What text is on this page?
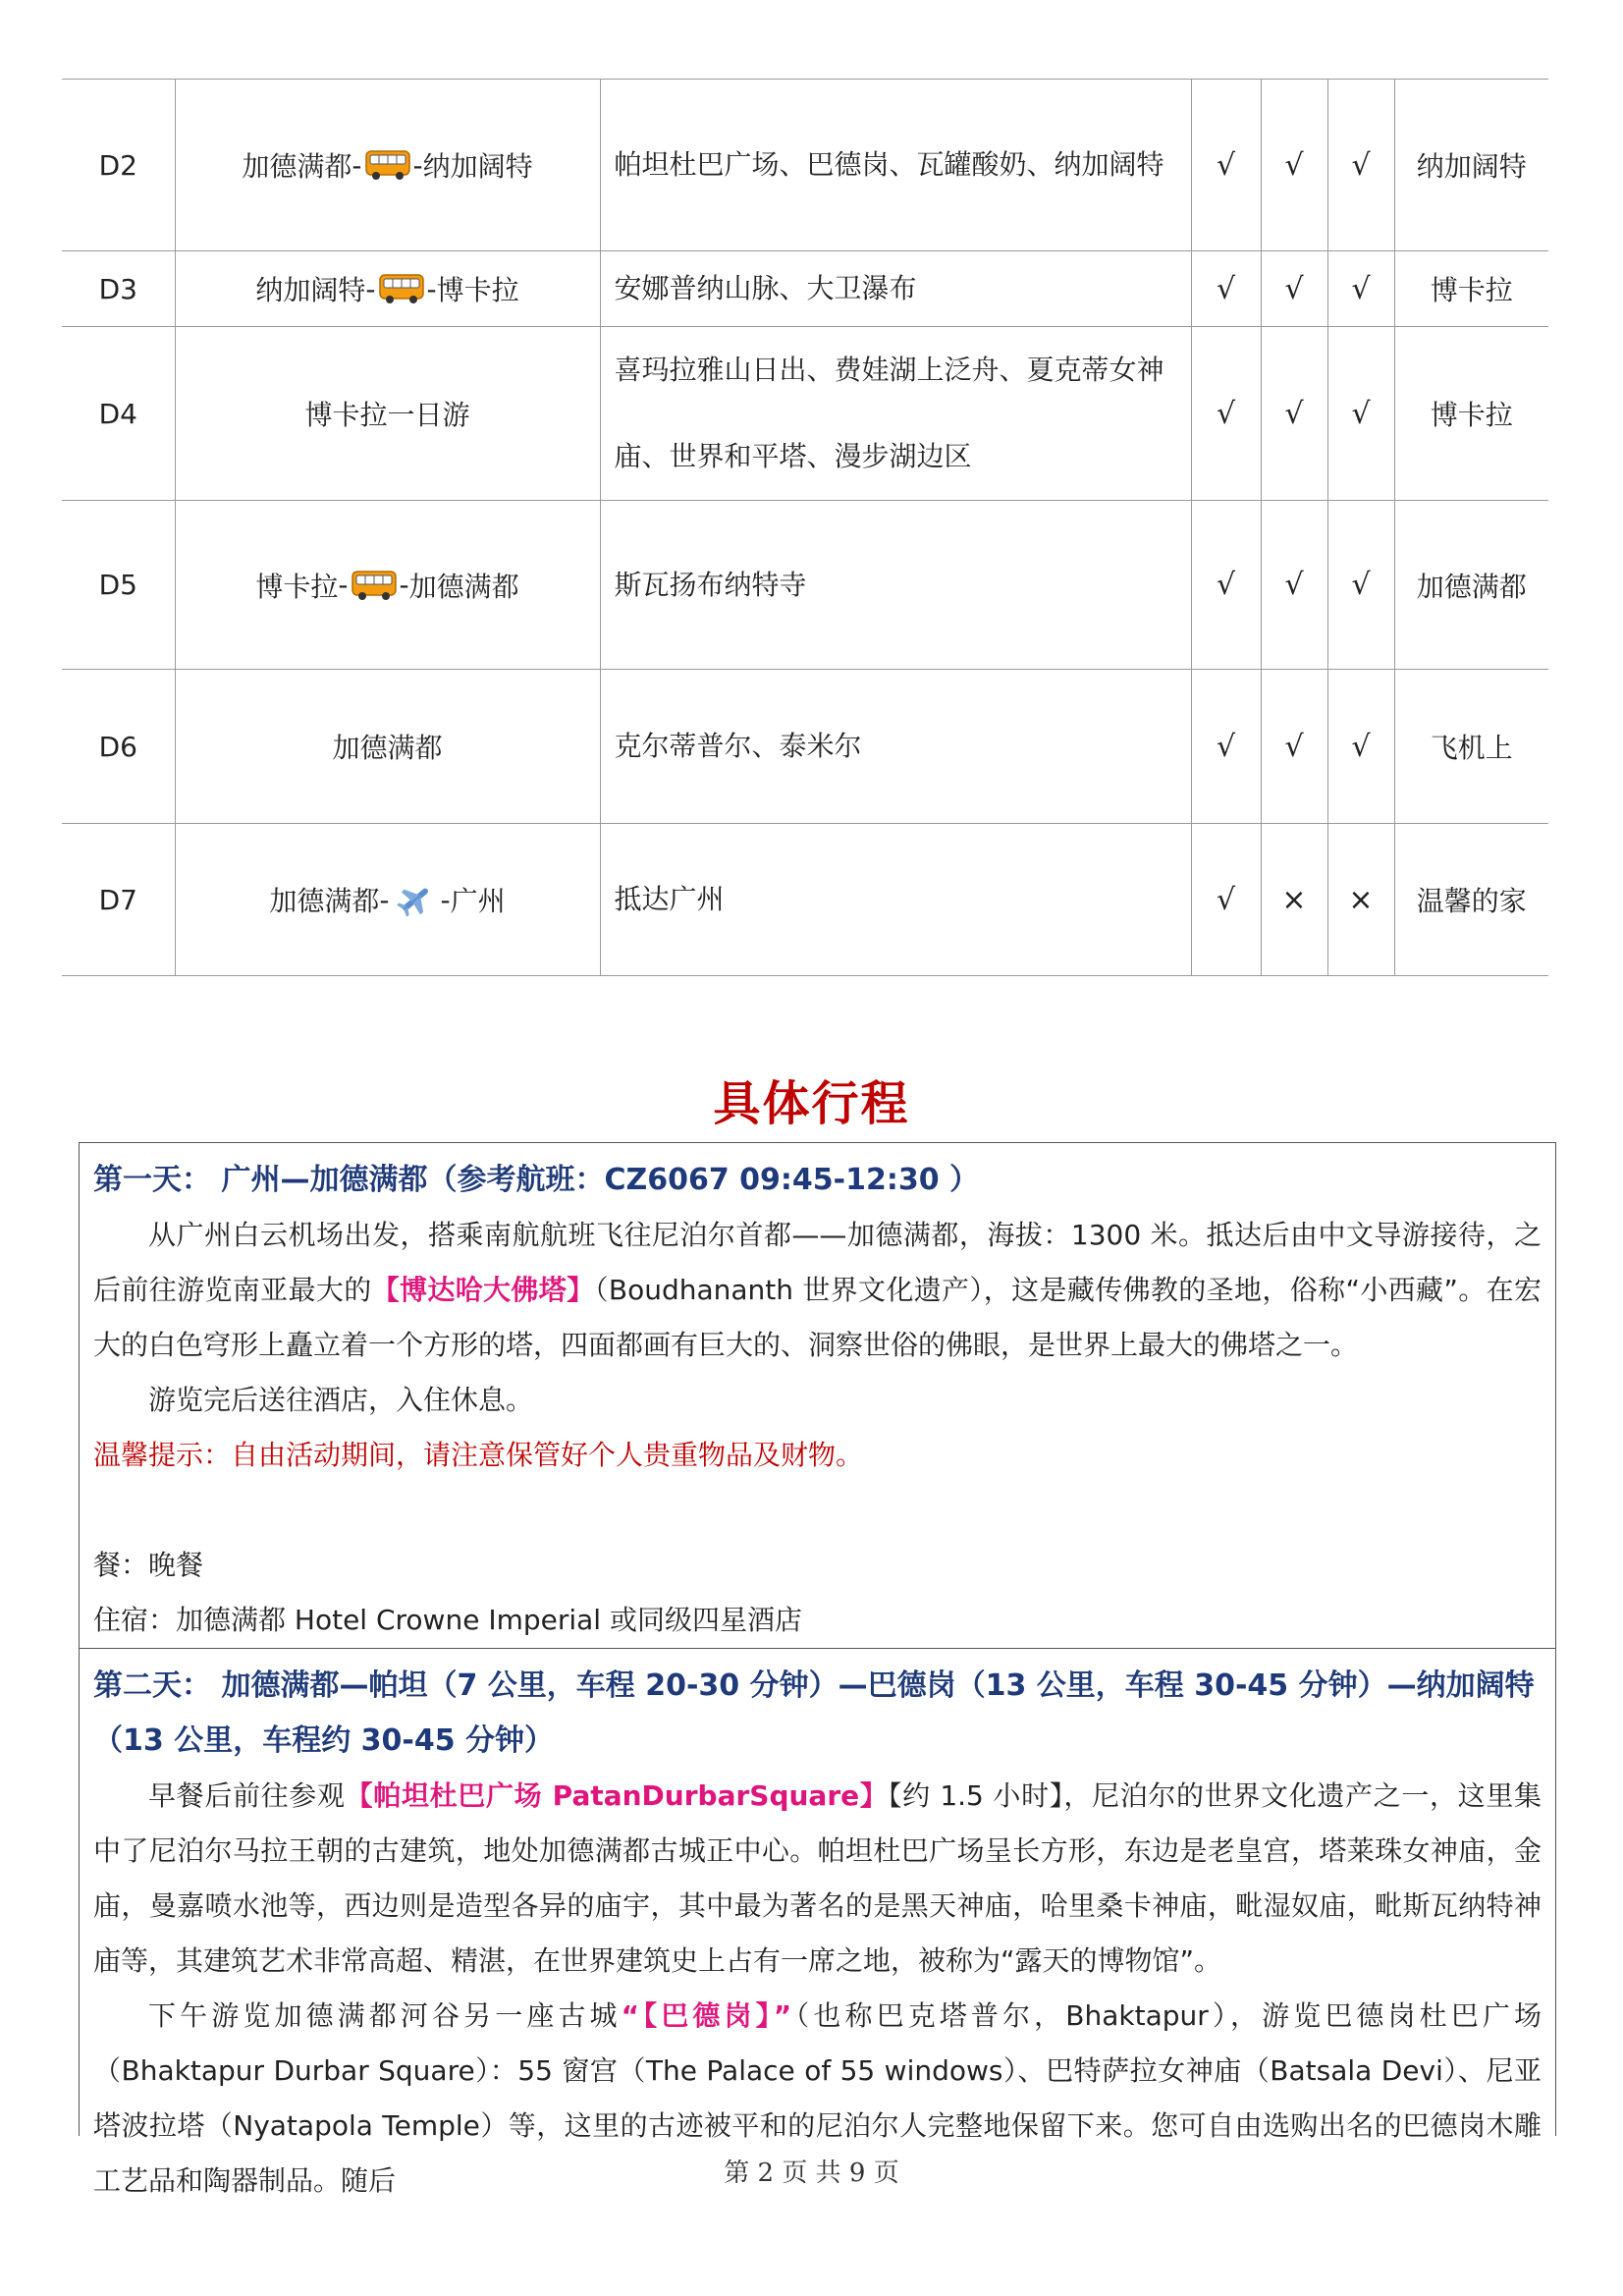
D2	加德满都 - - 纳加阔特	帕坦杜巴广场、巴德岗、瓦罐酸奶、纳加阔特	√	√	√	纳加阔特
D3	纳加阔特 - - 博卡拉	安娜普纳山脉、大卫瀑布	√	√	√	博卡拉
D4	博卡拉一日游	喜玛拉雅山日出、费娃湖上泛舟、夏克蒂女神庙、世界和平塔、漫步湖边区	√	√	√	博卡拉
D5	博卡拉 - - 加德满都	斯瓦扬布纳特寺	√	√	√	加德满都
D6	加德满都	克尔蒂普尔、泰米尔	√	√	√	飞机上
D7	加德满都 - - 广州	抵达广州	√	×	×	温馨的家
具体行程
第一天： 广州—加德满都（参考航班：CZ6067 09:45-12:30 ）
从广州白云机场出发，搭乘南航航班飞往尼泊尔首都——加德满都，海拔：1300 米。抵达后由中文导游接待，之后前往游览南亚最大的【博达哈大佛塔】（Boudhananth 世界文化遗产），这是藏传佛教的圣地，俗称“小西藏”。在宏大的白色穹形上矗立着一个方形的塔，四面都画有巨大的、洞察世俗的佛眼，是世界上最大的佛塔之一。
游览完后送往酒店，入住休息。
温馨提示：自由活动期间，请注意保管好个人贵重物品及财物。
餐：晚餐
住宿：加德满都 Hotel Crowne Imperial 或同级四星酒店
第二天： 加德满都—帕坦（7 公里，车程 20-30 分钟）—巴德岗（13 公里，车程 30-45 分钟）—纳加阔特（13 公里，车程约 30-45 分钟）
早餐后前往参观【帕坦杜巴广场 PatanDurbarSquare】【约 1.5 小时】，尼泊尔的世界文化遗产之一，这里集中了尼泊尔马拉王朝的古建筑，地处加德满都古城正中心。帕坦杜巴广场呈长方形，东边是老皇宫，塔莱珠女神庙，金庙，曼嘉喷水池等，西边则是造型各异的庙宇，其中最为著名的是黑天神庙，哈里桑卡神庙，毗湿奴庙，毗斯瓦纳特神庙等，其建筑艺术非常高超、精湛，在世界建筑史上占有一席之地，被称为“露天的博物馆”。
下午游览加德满都河谷另一座古城“【巴德岗】”（也称巴克塔普尔，Bhaktapur），游览巴德岗杜巴广场（Bhaktapur Durbar Square）：55 窗宫（The Palace of 55 windows）、巴特萨拉女神庙（Batsala Devi）、尼亚塔波拉塔（Nyatapola Temple）等，这里的古迹被平和的尼泊尔人完整地保留下来。您可自由选购出名的巴德岗木雕工艺品和陶器制品。随后	第 2 页 共 9 页
